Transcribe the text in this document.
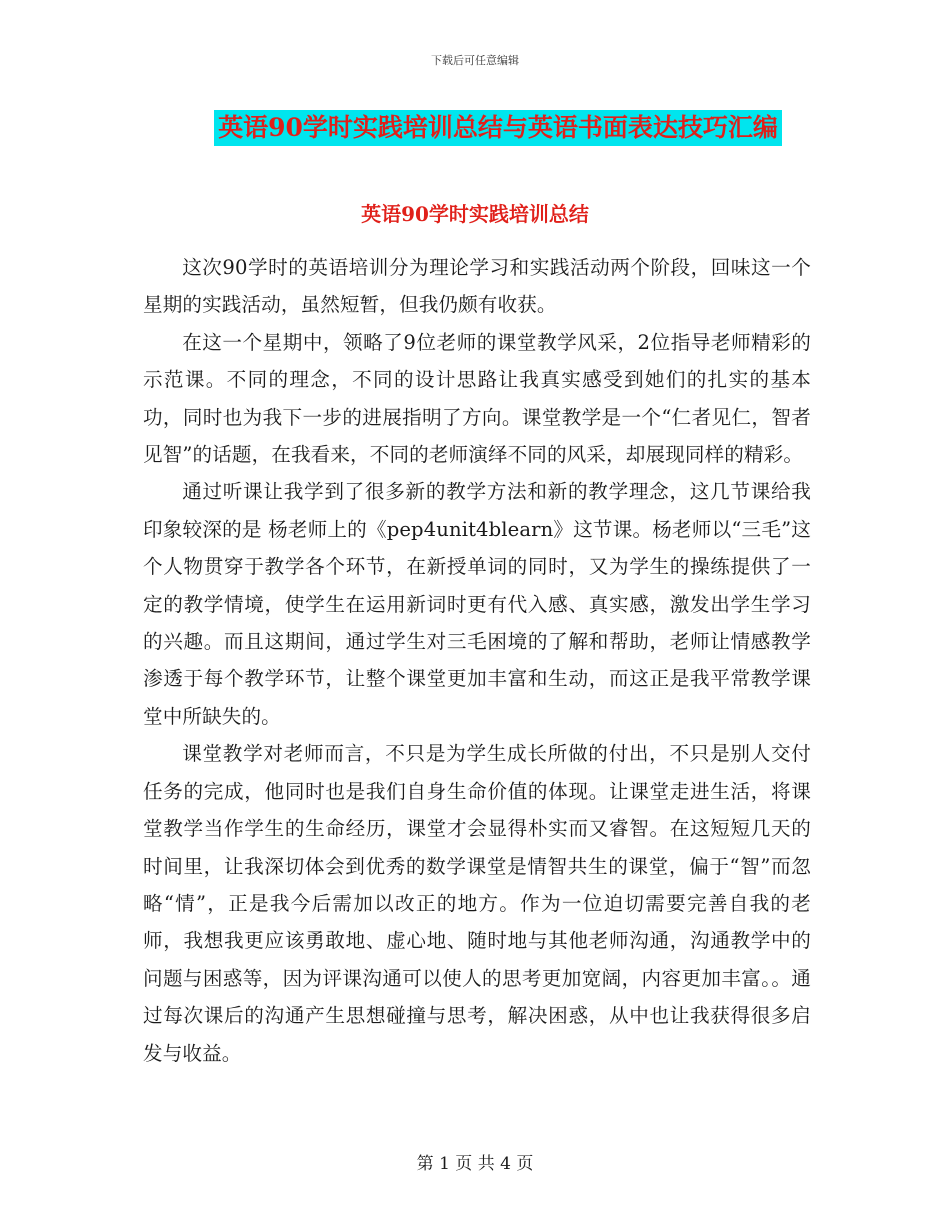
下载后可任意编辑
英语90学时实践培训总结与英语书面表达技巧汇编
英语90学时实践培训总结

这次90学时的英语培训分为理论学习和实践活动两个阶段，回味这一个星期的实践活动，虽然短暂，但我仍颇有收获。

在这一个星期中，领略了9位老师的课堂教学风采，2位指导老师精彩的示范课。不同的理念，不同的设计思路让我真实感受到她们的扎实的基本功，同时也为我下一步的进展指明了方向。课堂教学是一个“仁者见仁，智者见智”的话题，在我看来，不同的老师演绎不同的风采，却展现同样的精彩。

通过听课让我学到了很多新的教学方法和新的教学理念，这几节课给我印象较深的是 杨老师上的《pep4unit4blearn》这节课。杨老师以“三毛”这个人物贯穿于教学各个环节，在新授单词的同时，又为学生的操练提供了一定的教学情境，使学生在运用新词时更有代入感、真实感，激发出学生学习的兴趣。而且这期间，通过学生对三毛困境的了解和帮助，老师让情感教学渗透于每个教学环节，让整个课堂更加丰富和生动，而这正是我平常教学课堂中所缺失的。

课堂教学对老师而言，不只是为学生成长所做的付出，不只是别人交付任务的完成，他同时也是我们自身生命价值的体现。让课堂走进生活，将课堂教学当作学生的生命经历，课堂才会显得朴实而又睿智。在这短短几天的时间里，让我深切体会到优秀的数学课堂是情智共生的课堂，偏于“智”而忽略“情”，正是我今后需加以改正的地方。作为一位迫切需要完善自我的老师，我想我更应该勇敢地、虚心地、随时地与其他老师沟通，沟通教学中的问题与困惑等，因为评课沟通可以使人的思考更加宽阔，内容更加丰富。。通过每次课后的沟通产生思想碰撞与思考，解决困惑，从中也让我获得很多启发与收益。

第 1 页 共 4 页
